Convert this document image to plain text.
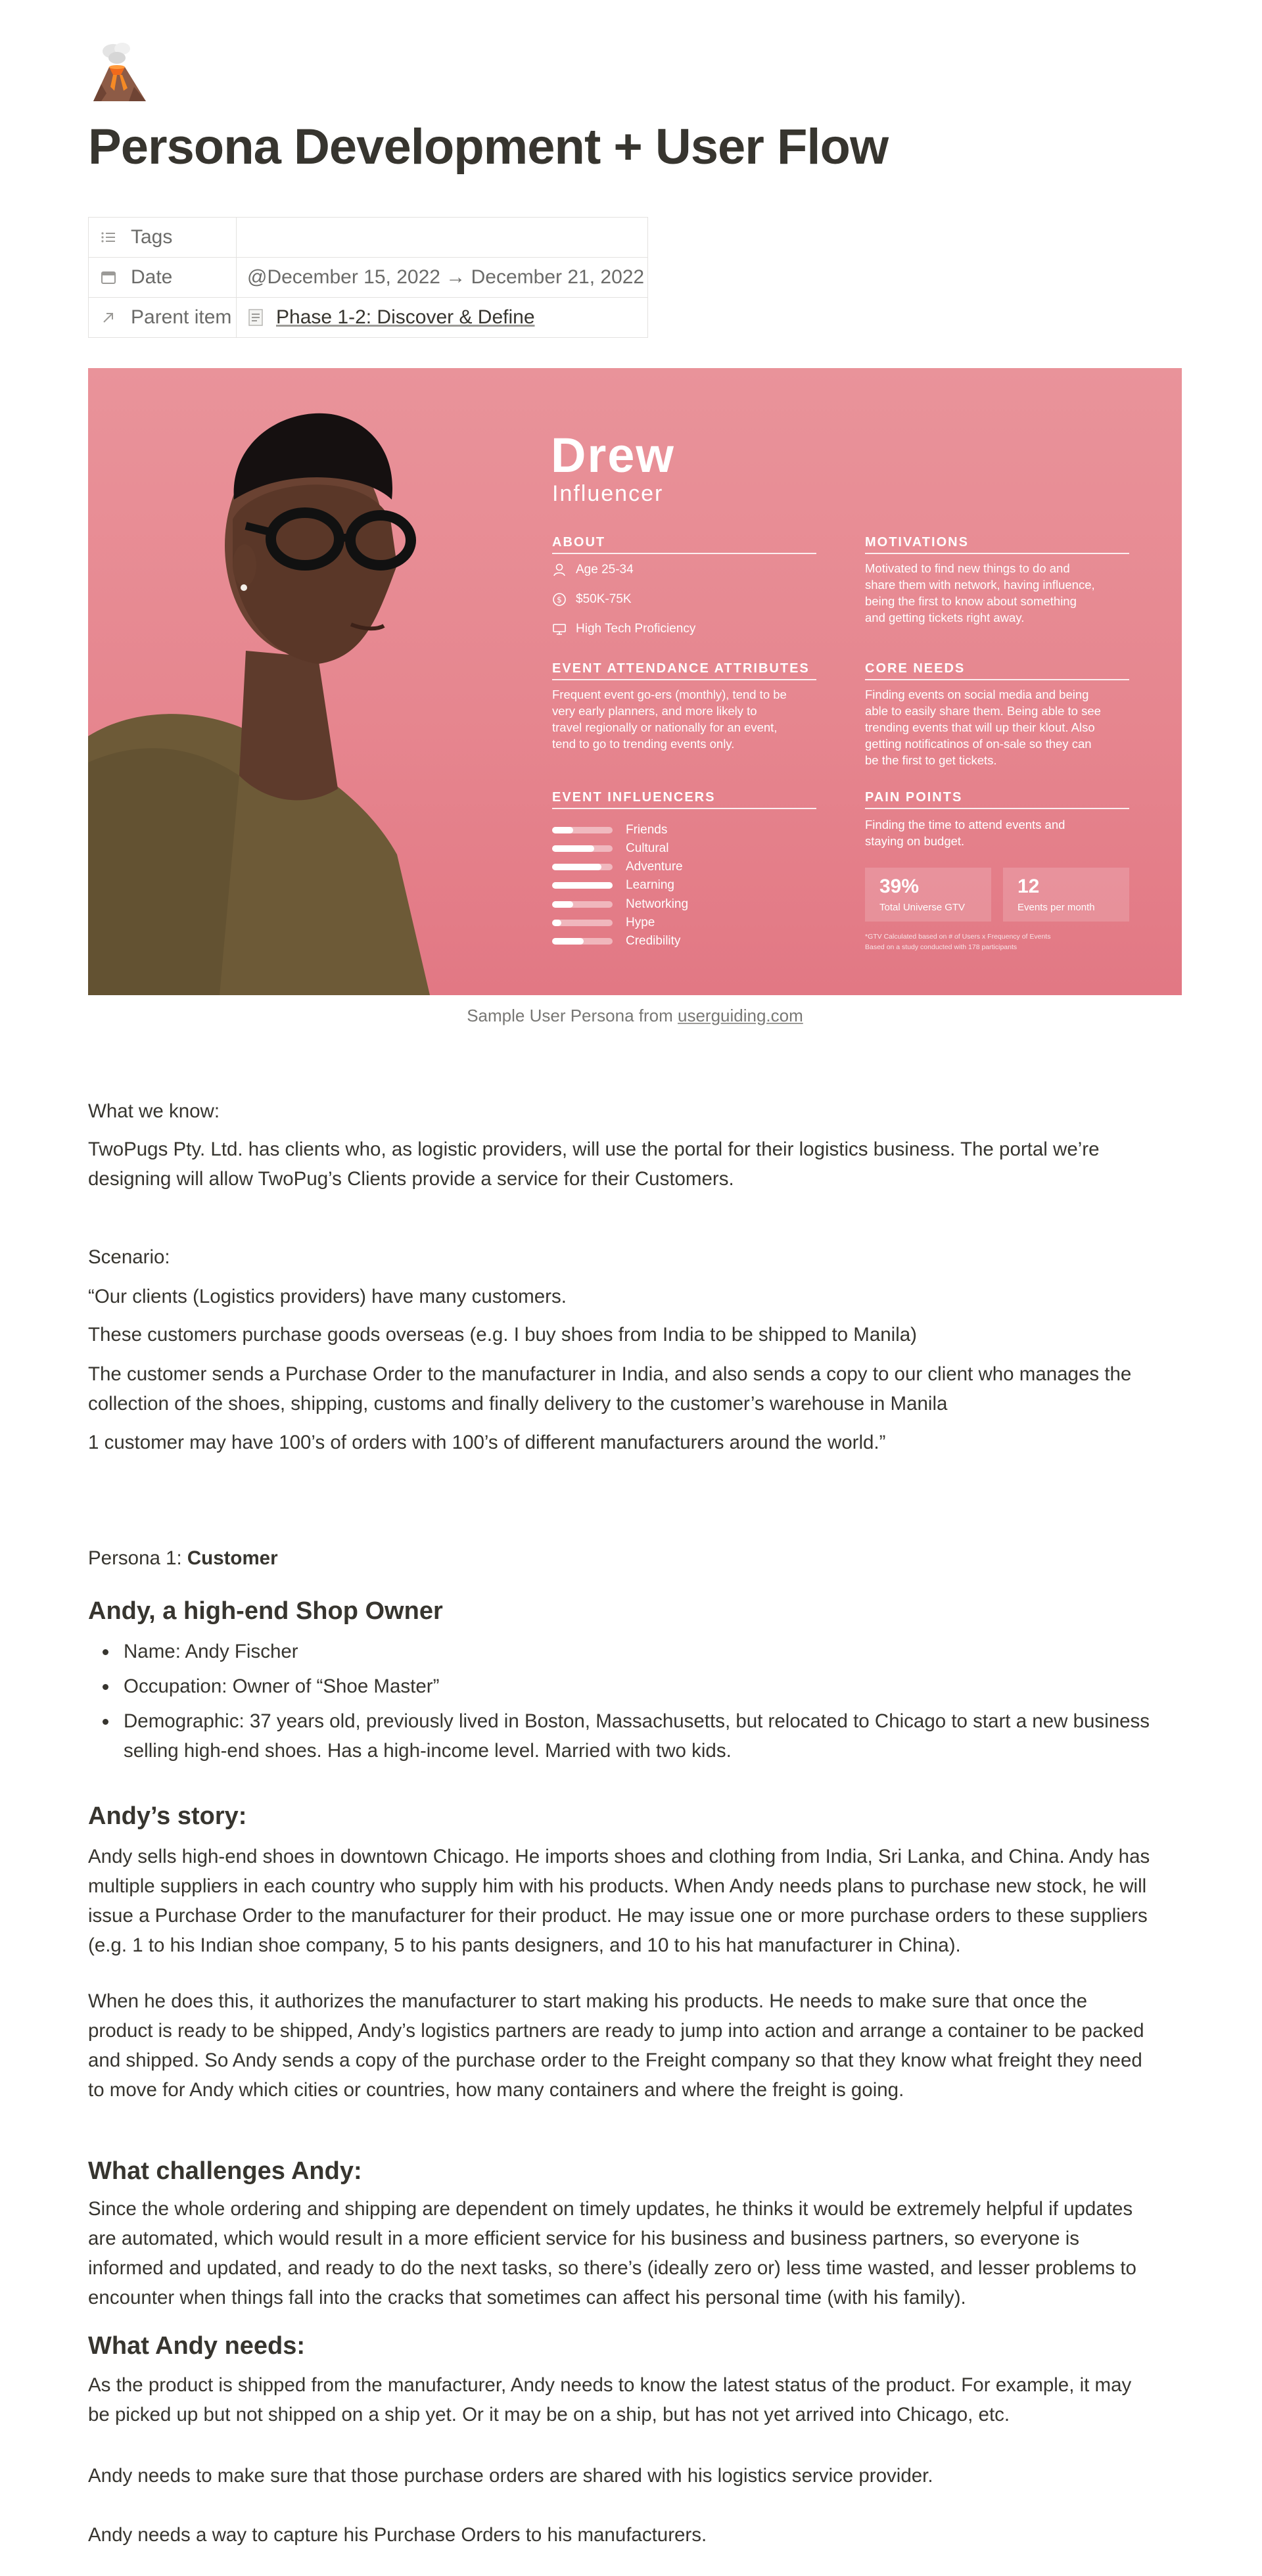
Persona Development + User Flow
Tags	

Date	@December 15, 2022 → December 21, 2022

Parent item	Phase 1-2: Discover & Define
Drew
Influencer
ABOUT
Age 25-34
$ $50K-75K
High Tech Proficiency
EVENT ATTENDANCE ATTRIBUTES
Frequent event go-ers (monthly), tend to be
very early planners, and more likely to
travel regionally or nationally for an event,
tend to go to trending events only.
EVENT INFLUENCERS
Friends
Cultural
Adventure
Learning
Networking
Hype
Credibility
MOTIVATIONS
Motivated to find new things to do and
share them with network, having influence,
being the first to know about something
and getting tickets right away.
CORE NEEDS
Finding events on social media and being
able to easily share them. Being able to see
trending events that will up their klout. Also
getting notificatinos of on-sale so they can
be the first to get tickets.
PAIN POINTS
Finding the time to attend events and
staying on budget.
39%
Total Universe GTV
12
Events per month
*GTV Calculated based on # of Users x Frequency of Events
Based on a study conducted with 178 participants
Sample User Persona from userguiding.com

What we know:

TwoPugs Pty. Ltd. has clients who, as logistic providers, will use the portal for their logistics business. The portal we’re
designing will allow TwoPug’s Clients provide a service for their Customers.

Scenario:

“Our clients (Logistics providers) have many customers.

These customers purchase goods overseas (e.g. I buy shoes from India to be shipped to Manila)

The customer sends a Purchase Order to the manufacturer in India, and also sends a copy to our client who manages the
collection of the shoes, shipping, customs and finally delivery to the customer’s warehouse in Manila

1 customer may have 100’s of orders with 100’s of different manufacturers around the world.”

Persona 1: Customer

Andy, a high-end Shop Owner
Name: Andy Fischer
Occupation: Owner of “Shoe Master”
Demographic: 37 years old, previously lived in Boston, Massachusetts, but relocated to Chicago to start a new business
selling high-end shoes. Has a high-income level. Married with two kids.
Andy’s story:
Andy sells high-end shoes in downtown Chicago. He imports shoes and clothing from India, Sri Lanka, and China. Andy has
multiple suppliers in each country who supply him with his products. When Andy needs plans to purchase new stock, he will
issue a Purchase Order to the manufacturer for their product. He may issue one or more purchase orders to these suppliers
(e.g. 1 to his Indian shoe company, 5 to his pants designers, and 10 to his hat manufacturer in China).
When he does this, it authorizes the manufacturer to start making his products. He needs to make sure that once the
product is ready to be shipped, Andy’s logistics partners are ready to jump into action and arrange a container to be packed
and shipped. So Andy sends a copy of the purchase order to the Freight company so that they know what freight they need
to move for Andy which cities or countries, how many containers and where the freight is going.
What challenges Andy:
Since the whole ordering and shipping are dependent on timely updates, he thinks it would be extremely helpful if updates
are automated, which would result in a more efficient service for his business and business partners, so everyone is
informed and updated, and ready to do the next tasks, so there’s (ideally zero or) less time wasted, and lesser problems to
encounter when things fall into the cracks that sometimes can affect his personal time (with his family).
What Andy needs:
As the product is shipped from the manufacturer, Andy needs to know the latest status of the product. For example, it may
be picked up but not shipped on a ship yet. Or it may be on a ship, but has not yet arrived into Chicago, etc.

Andy needs to make sure that those purchase orders are shared with his logistics service provider.

Andy needs a way to capture his Purchase Orders to his manufacturers.
